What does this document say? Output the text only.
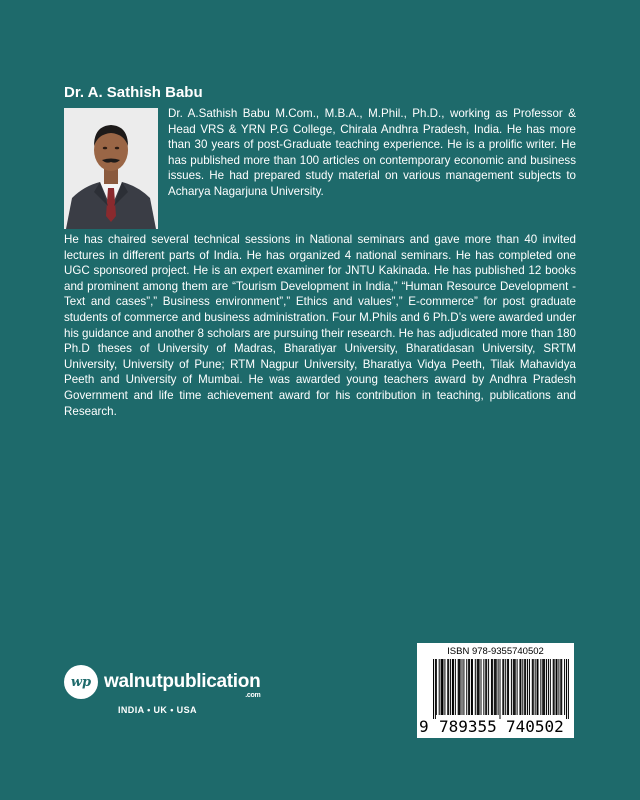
Dr. A. Sathish Babu

Dr. A.Sathish Babu M.Com., M.B.A., M.Phil., Ph.D., working as Professor & Head VRS & YRN P.G College, Chirala Andhra Pradesh, India. He has more than 30 years of post-Graduate teaching experience. He is a prolific writer. He has published more than 100 articles on contemporary economic and business issues. He had prepared study material on various management subjects to Acharya Nagarjuna University.

He has chaired several technical sessions in National seminars and gave more than 40 invited lectures in different parts of India. He has organized 4 national seminars. He has completed one UGC sponsored project. He is an expert examiner for JNTU Kakinada. He has published 12 books and prominent among them are “Tourism Development in India,” “Human Resource Development -Text and cases”,” Business environment”,” Ethics and values”,” E-commerce” for post graduate students of commerce and business administration. Four M.Phils and 6 Ph.D’s were awarded under his guidance and another 8 scholars are pursuing their research. He has adjudicated more than 180 Ph.D theses of University of Madras, Bharatiyar University, Bharatidasan University, SRTM University, University of Pune; RTM Nagpur University, Bharatiya Vidya Peeth, Tilak Mahavidya Peeth and University of Mumbai. He was awarded young teachers award by Andhra Pradesh Government and life time achievement award for his contribution in teaching, publications and Research.

wp walnutpublication
.com
INDIA • UK • USA
ISBN 978-9355740502
9 789355 740502
